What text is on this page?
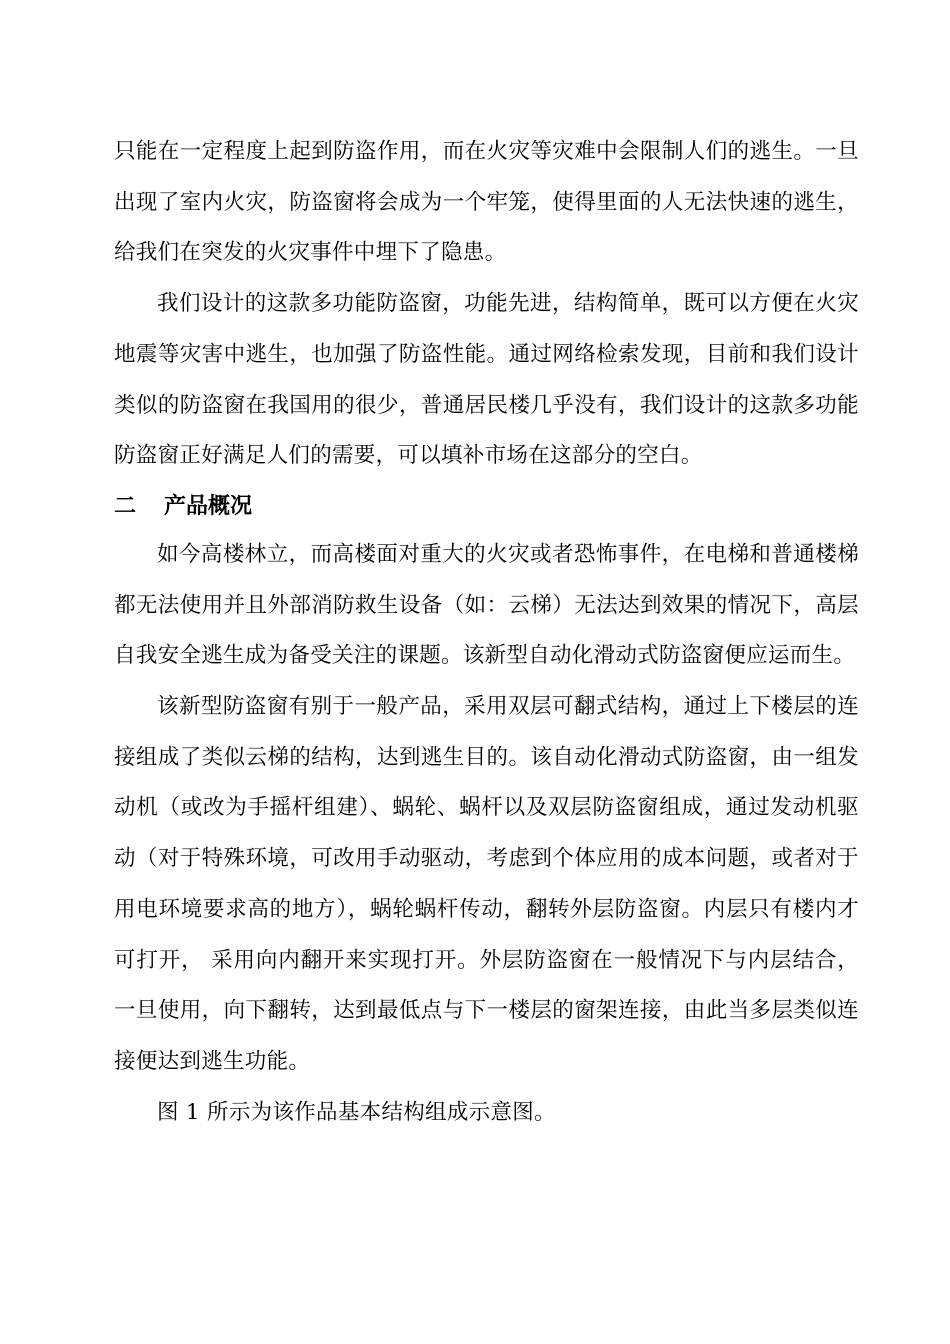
只能在一定程度上起到防盗作用，而在火灾等灾难中会限制人们的逃生。一旦出现了室内火灾，防盗窗将会成为一个牢笼，使得里面的人无法快速的逃生，给我们在突发的火灾事件中埋下了隐患。

我们设计的这款多功能防盗窗，功能先进，结构简单，既可以方便在火灾地震等灾害中逃生，也加强了防盗性能。通过网络检索发现，目前和我们设计类似的防盗窗在我国用的很少，普通居民楼几乎没有，我们设计的这款多功能防盗窗正好满足人们的需要，可以填补市场在这部分的空白。

二 产品概况

如今高楼林立，而高楼面对重大的火灾或者恐怖事件，在电梯和普通楼梯都无法使用并且外部消防救生设备（如：云梯）无法达到效果的情况下，高层自我安全逃生成为备受关注的课题。该新型自动化滑动式防盗窗便应运而生。

该新型防盗窗有别于一般产品，采用双层可翻式结构，通过上下楼层的连接组成了类似云梯的结构，达到逃生目的。该自动化滑动式防盗窗，由一组发动机（或改为手摇杆组建）、蜗轮、蜗杆以及双层防盗窗组成，通过发动机驱动（对于特殊环境，可改用手动驱动，考虑到个体应用的成本问题，或者对于用电环境要求高的地方），蜗轮蜗杆传动，翻转外层防盗窗。内层只有楼内才可打开， 采用向内翻开来实现打开。外层防盗窗在一般情况下与内层结合，一旦使用，向下翻转，达到最低点与下一楼层的窗架连接，由此当多层类似连接便达到逃生功能。

图 1 所示为该作品基本结构组成示意图。
